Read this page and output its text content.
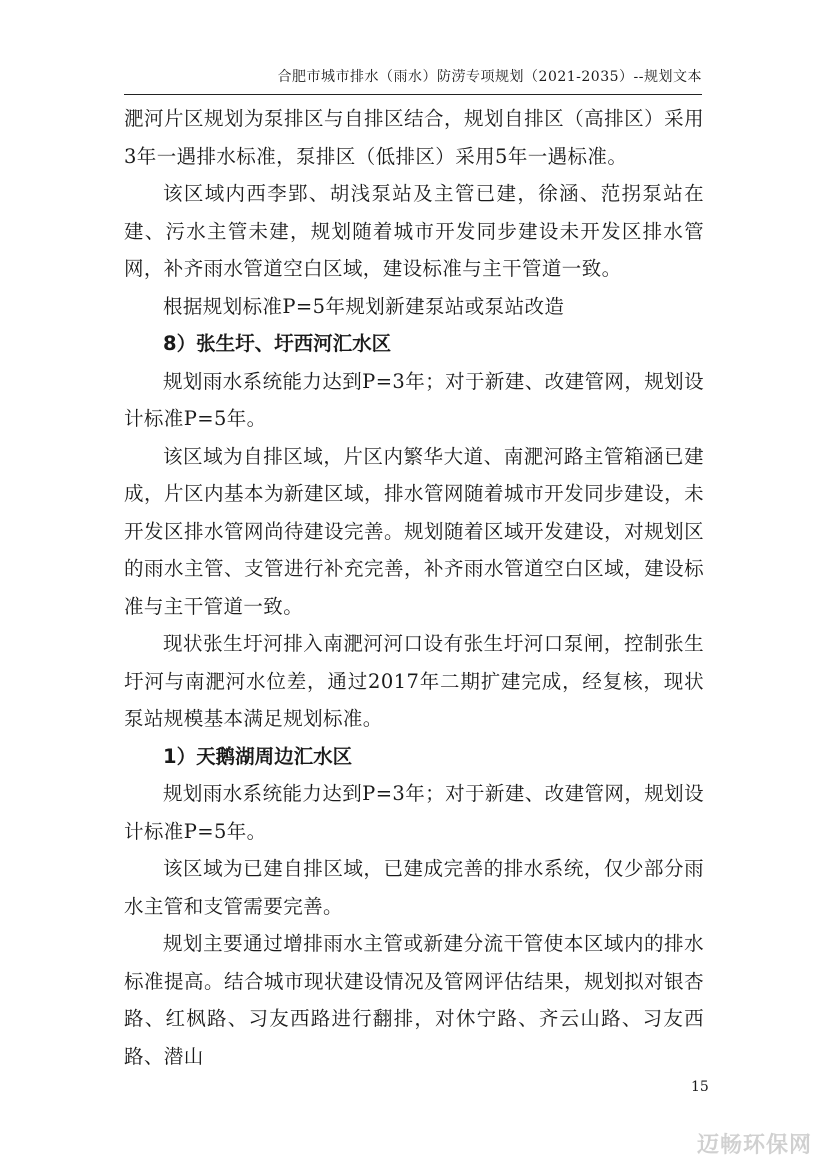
合肥市城市排水（雨水）防涝专项规划（2021-2035）--规划文本

淝河片区规划为泵排区与自排区结合，规划自排区（高排区）采用3年一遇排水标准，泵排区（低排区）采用5年一遇标准。

该区域内西李郢、胡浅泵站及主管已建，徐涵、范拐泵站在建、污水主管未建，规划随着城市开发同步建设未开发区排水管网，补齐雨水管道空白区域，建设标准与主干管道一致。

根据规划标准P=5年规划新建泵站或泵站改造

8）张生圩、圩西河汇水区

规划雨水系统能力达到P=3年；对于新建、改建管网，规划设计标准P=5年。

该区域为自排区域，片区内繁华大道、南淝河路主管箱涵已建成，片区内基本为新建区域，排水管网随着城市开发同步建设，未开发区排水管网尚待建设完善。规划随着区域开发建设，对规划区的雨水主管、支管进行补充完善，补齐雨水管道空白区域，建设标准与主干管道一致。

现状张生圩河排入南淝河河口设有张生圩河口泵闸，控制张生圩河与南淝河水位差，通过2017年二期扩建完成，经复核，现状泵站规模基本满足规划标准。

1）天鹅湖周边汇水区

规划雨水系统能力达到P=3年；对于新建、改建管网，规划设计标准P=5年。

该区域为已建自排区域，已建成完善的排水系统，仅少部分雨水主管和支管需要完善。

规划主要通过增排雨水主管或新建分流干管使本区域内的排水标准提高。结合城市现状建设情况及管网评估结果，规划拟对银杏路、红枫路、习友西路进行翻排，对休宁路、齐云山路、习友西路、潜山

15
迈畅环保网
